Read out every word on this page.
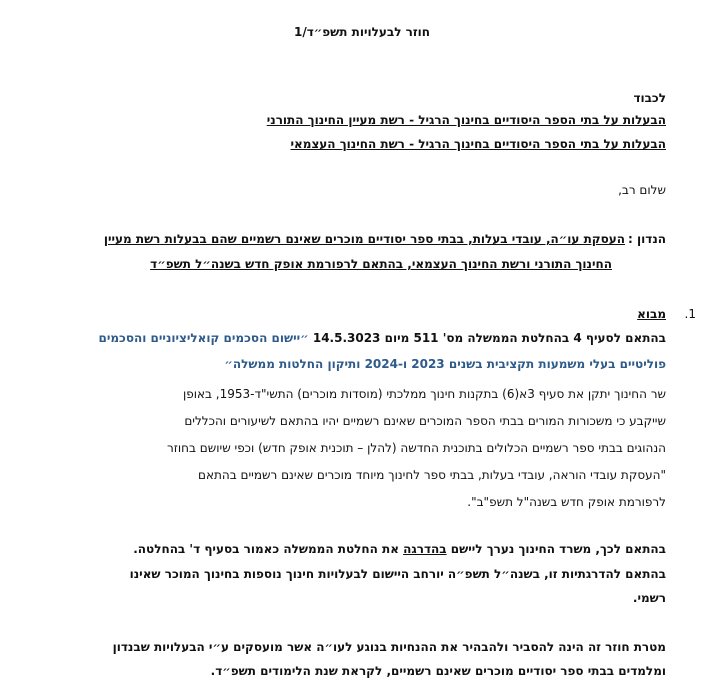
חוזר לבעלויות תשפ״ד/1
לכבוד
הבעלות על בתי הספר היסודיים בחינוך הרגיל - רשת מעיין החינוך התורני
הבעלות על בתי הספר היסודיים בחינוך הרגיל - רשת החינוך העצמאי
שלום רב,
הנדון :
העסקת עו״ה, עובדי בעלות, בבתי ספר יסודיים מוכרים שאינם רשמיים שהם בבעלות רשת מעיין
החינוך התורני ורשת החינוך העצמאי, בהתאם לרפורמת אופק חדש בשנה״ל תשפ״ד
1.
מבוא
בהתאם לסעיף 4 בהחלטת הממשלה מס' 511 מיום 14.5.3023 ״יישום הסכמים קואליציוניים והסכמים
פוליטיים בעלי משמעות תקציבית בשנים 2023 ו-2024 ותיקון החלטות ממשלה״
שר החינוך יתקן את סעיף 3א(6) בתקנות חינוך ממלכתי (מוסדות מוכרים) התשי"ד-1953, באופן
שייקבע כי משכורות המורים בבתי הספר המוכרים שאינם רשמיים יהיו בהתאם לשיעורים והכללים
הנהוגים בבתי ספר רשמיים הכלולים בתוכנית החדשה (להלן – תוכנית אופק חדש) וכפי שיושם בחוזר
"העסקת עובדי הוראה, עובדי בעלות, בבתי ספר לחינוך מיוחד מוכרים שאינם רשמיים בהתאם
לרפורמת אופק חדש בשנה"ל תשפ"ב".
בהתאם לכך, משרד החינוך נערך ליישם בהדרגה את החלטת הממשלה כאמור בסעיף ד' בהחלטה.
בהתאם להדרגתיות זו, בשנה״ל תשפ״ה יורחב היישום לבעלויות חינוך נוספות בחינוך המוכר שאינו
רשמי.
מטרת חוזר זה הינה להסביר ולהבהיר את ההנחיות בנוגע לעו״ה אשר מועסקים ע״י הבעלויות שבנדון
ומלמדים בבתי ספר יסודיים מוכרים שאינם רשמיים, לקראת שנת הלימודים תשפ״ד.
